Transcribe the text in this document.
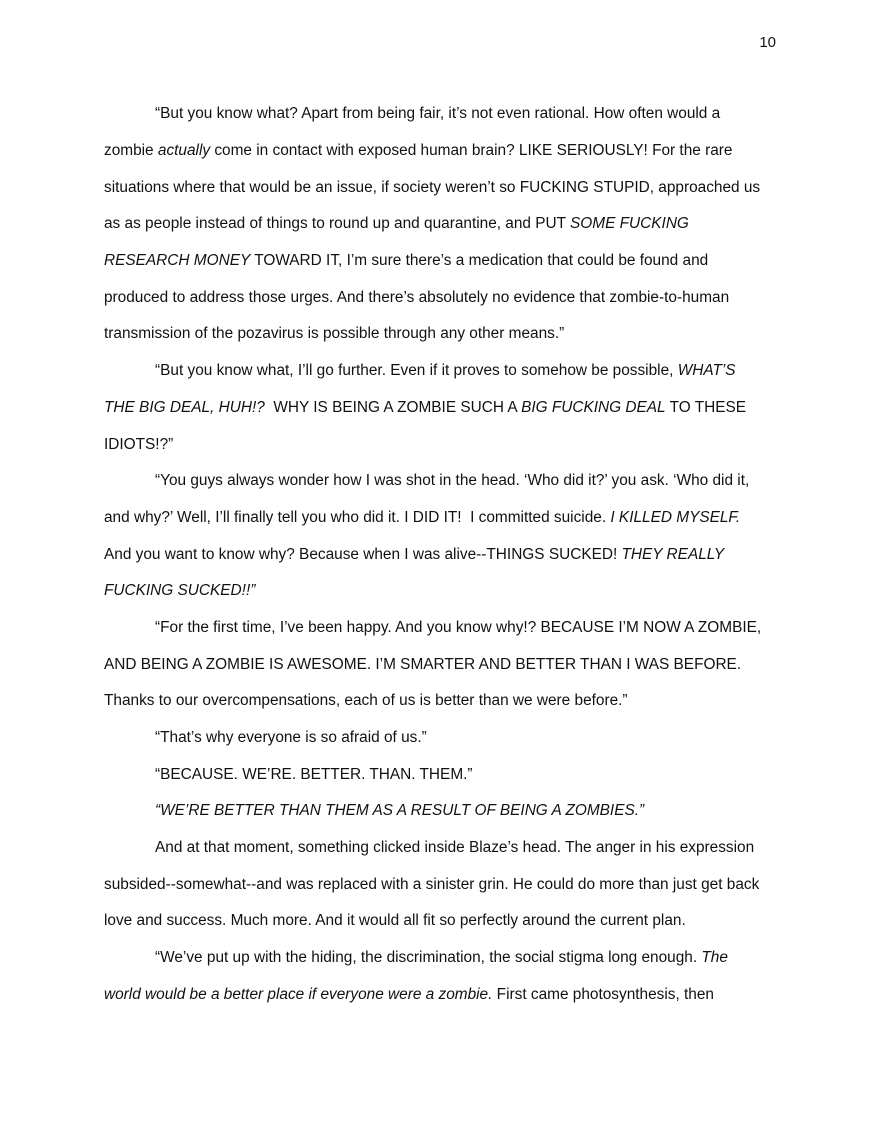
10
“But you know what? Apart from being fair, it’s not even rational. How often would a
zombie actually come in contact with exposed human brain? LIKE SERIOUSLY! For the rare
situations where that would be an issue, if society weren’t so FUCKING STUPID, approached us
as as people instead of things to round up and quarantine, and PUT SOME FUCKING
RESEARCH MONEY TOWARD IT, I’m sure there’s a medication that could be found and
produced to address those urges. And there’s absolutely no evidence that zombie-to-human
transmission of the pozavirus is possible through any other means.”
“But you know what, I’ll go further. Even if it proves to somehow be possible, WHAT’S
THE BIG DEAL, HUH!?  WHY IS BEING A ZOMBIE SUCH A BIG FUCKING DEAL TO THESE
IDIOTS!?”
“You guys always wonder how I was shot in the head. ‘Who did it?’ you ask. ‘Who did it,
and why?’ Well, I’ll finally tell you who did it. I DID IT!  I committed suicide. I KILLED MYSELF.
And you want to know why? Because when I was alive--THINGS SUCKED! THEY REALLY
FUCKING SUCKED!!”
“For the first time, I’ve been happy. And you know why!? BECAUSE I’M NOW A ZOMBIE,
AND BEING A ZOMBIE IS AWESOME. I’M SMARTER AND BETTER THAN I WAS BEFORE.
Thanks to our overcompensations, each of us is better than we were before.”
“That’s why everyone is so afraid of us.”
“BECAUSE. WE’RE. BETTER. THAN. THEM.”
“WE’RE BETTER THAN THEM AS A RESULT OF BEING A ZOMBIES.”
And at that moment, something clicked inside Blaze’s head. The anger in his expression
subsided--somewhat--and was replaced with a sinister grin. He could do more than just get back
love and success. Much more. And it would all fit so perfectly around the current plan.
“We’ve put up with the hiding, the discrimination, the social stigma long enough. The
world would be a better place if everyone were a zombie. First came photosynthesis, then
